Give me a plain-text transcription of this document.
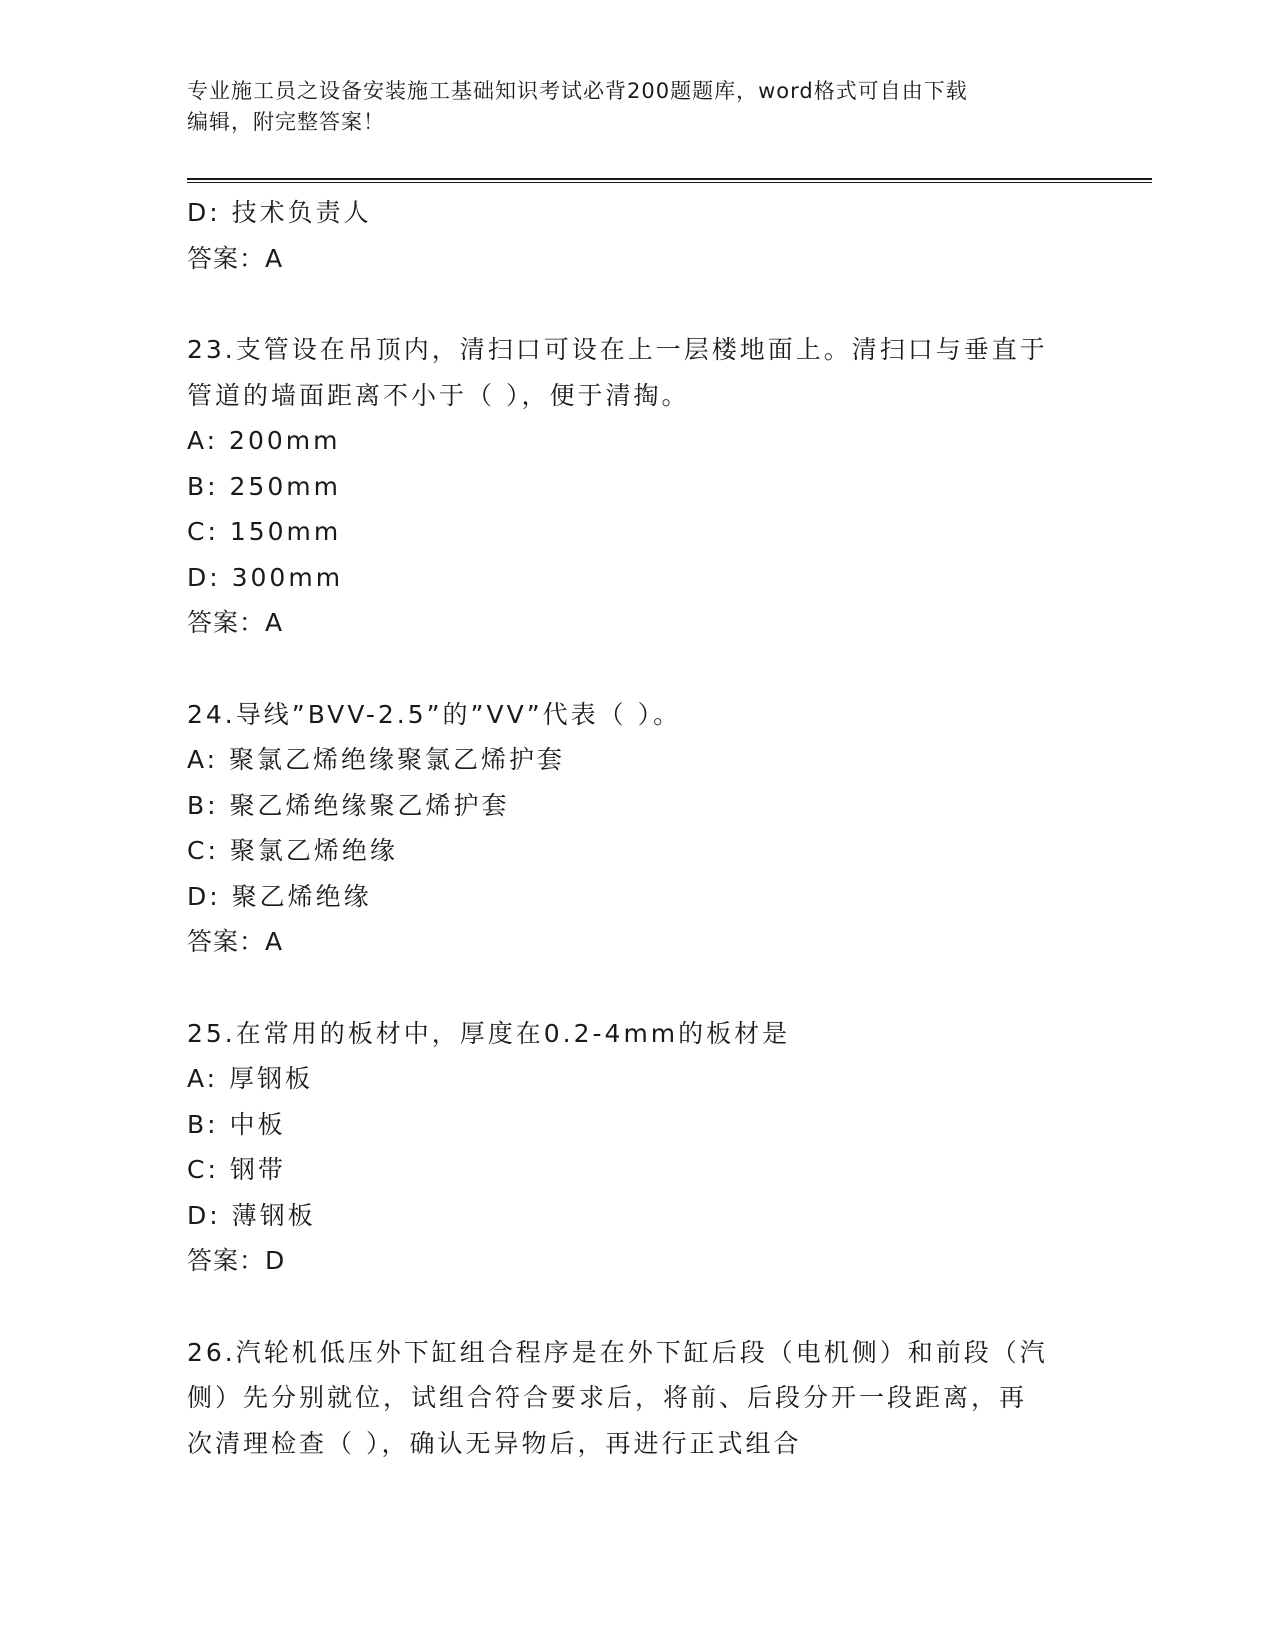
专业施工员之设备安装施工基础知识考试必背200题题库，word格式可自由下载
编辑，附完整答案！
D: 技术负责人
答案：A
23.支管设在吊顶内，清扫口可设在上一层楼地面上。清扫口与垂直于
管道的墙面距离不小于（ ），便于清掏。
A: 200mm
B: 250mm
C: 150mm
D: 300mm
答案：A
24.导线”BVV-2.5”的”VV”代表（ ）。
A: 聚氯乙烯绝缘聚氯乙烯护套
B: 聚乙烯绝缘聚乙烯护套
C: 聚氯乙烯绝缘
D: 聚乙烯绝缘
答案：A
25.在常用的板材中，厚度在0.2-4mm的板材是
A: 厚钢板
B: 中板
C: 钢带
D: 薄钢板
答案：D
26.汽轮机低压外下缸组合程序是在外下缸后段（电机侧）和前段（汽
侧）先分别就位，试组合符合要求后，将前、后段分开一段距离，再
次清理检查（ ），确认无异物后，再进行正式组合
